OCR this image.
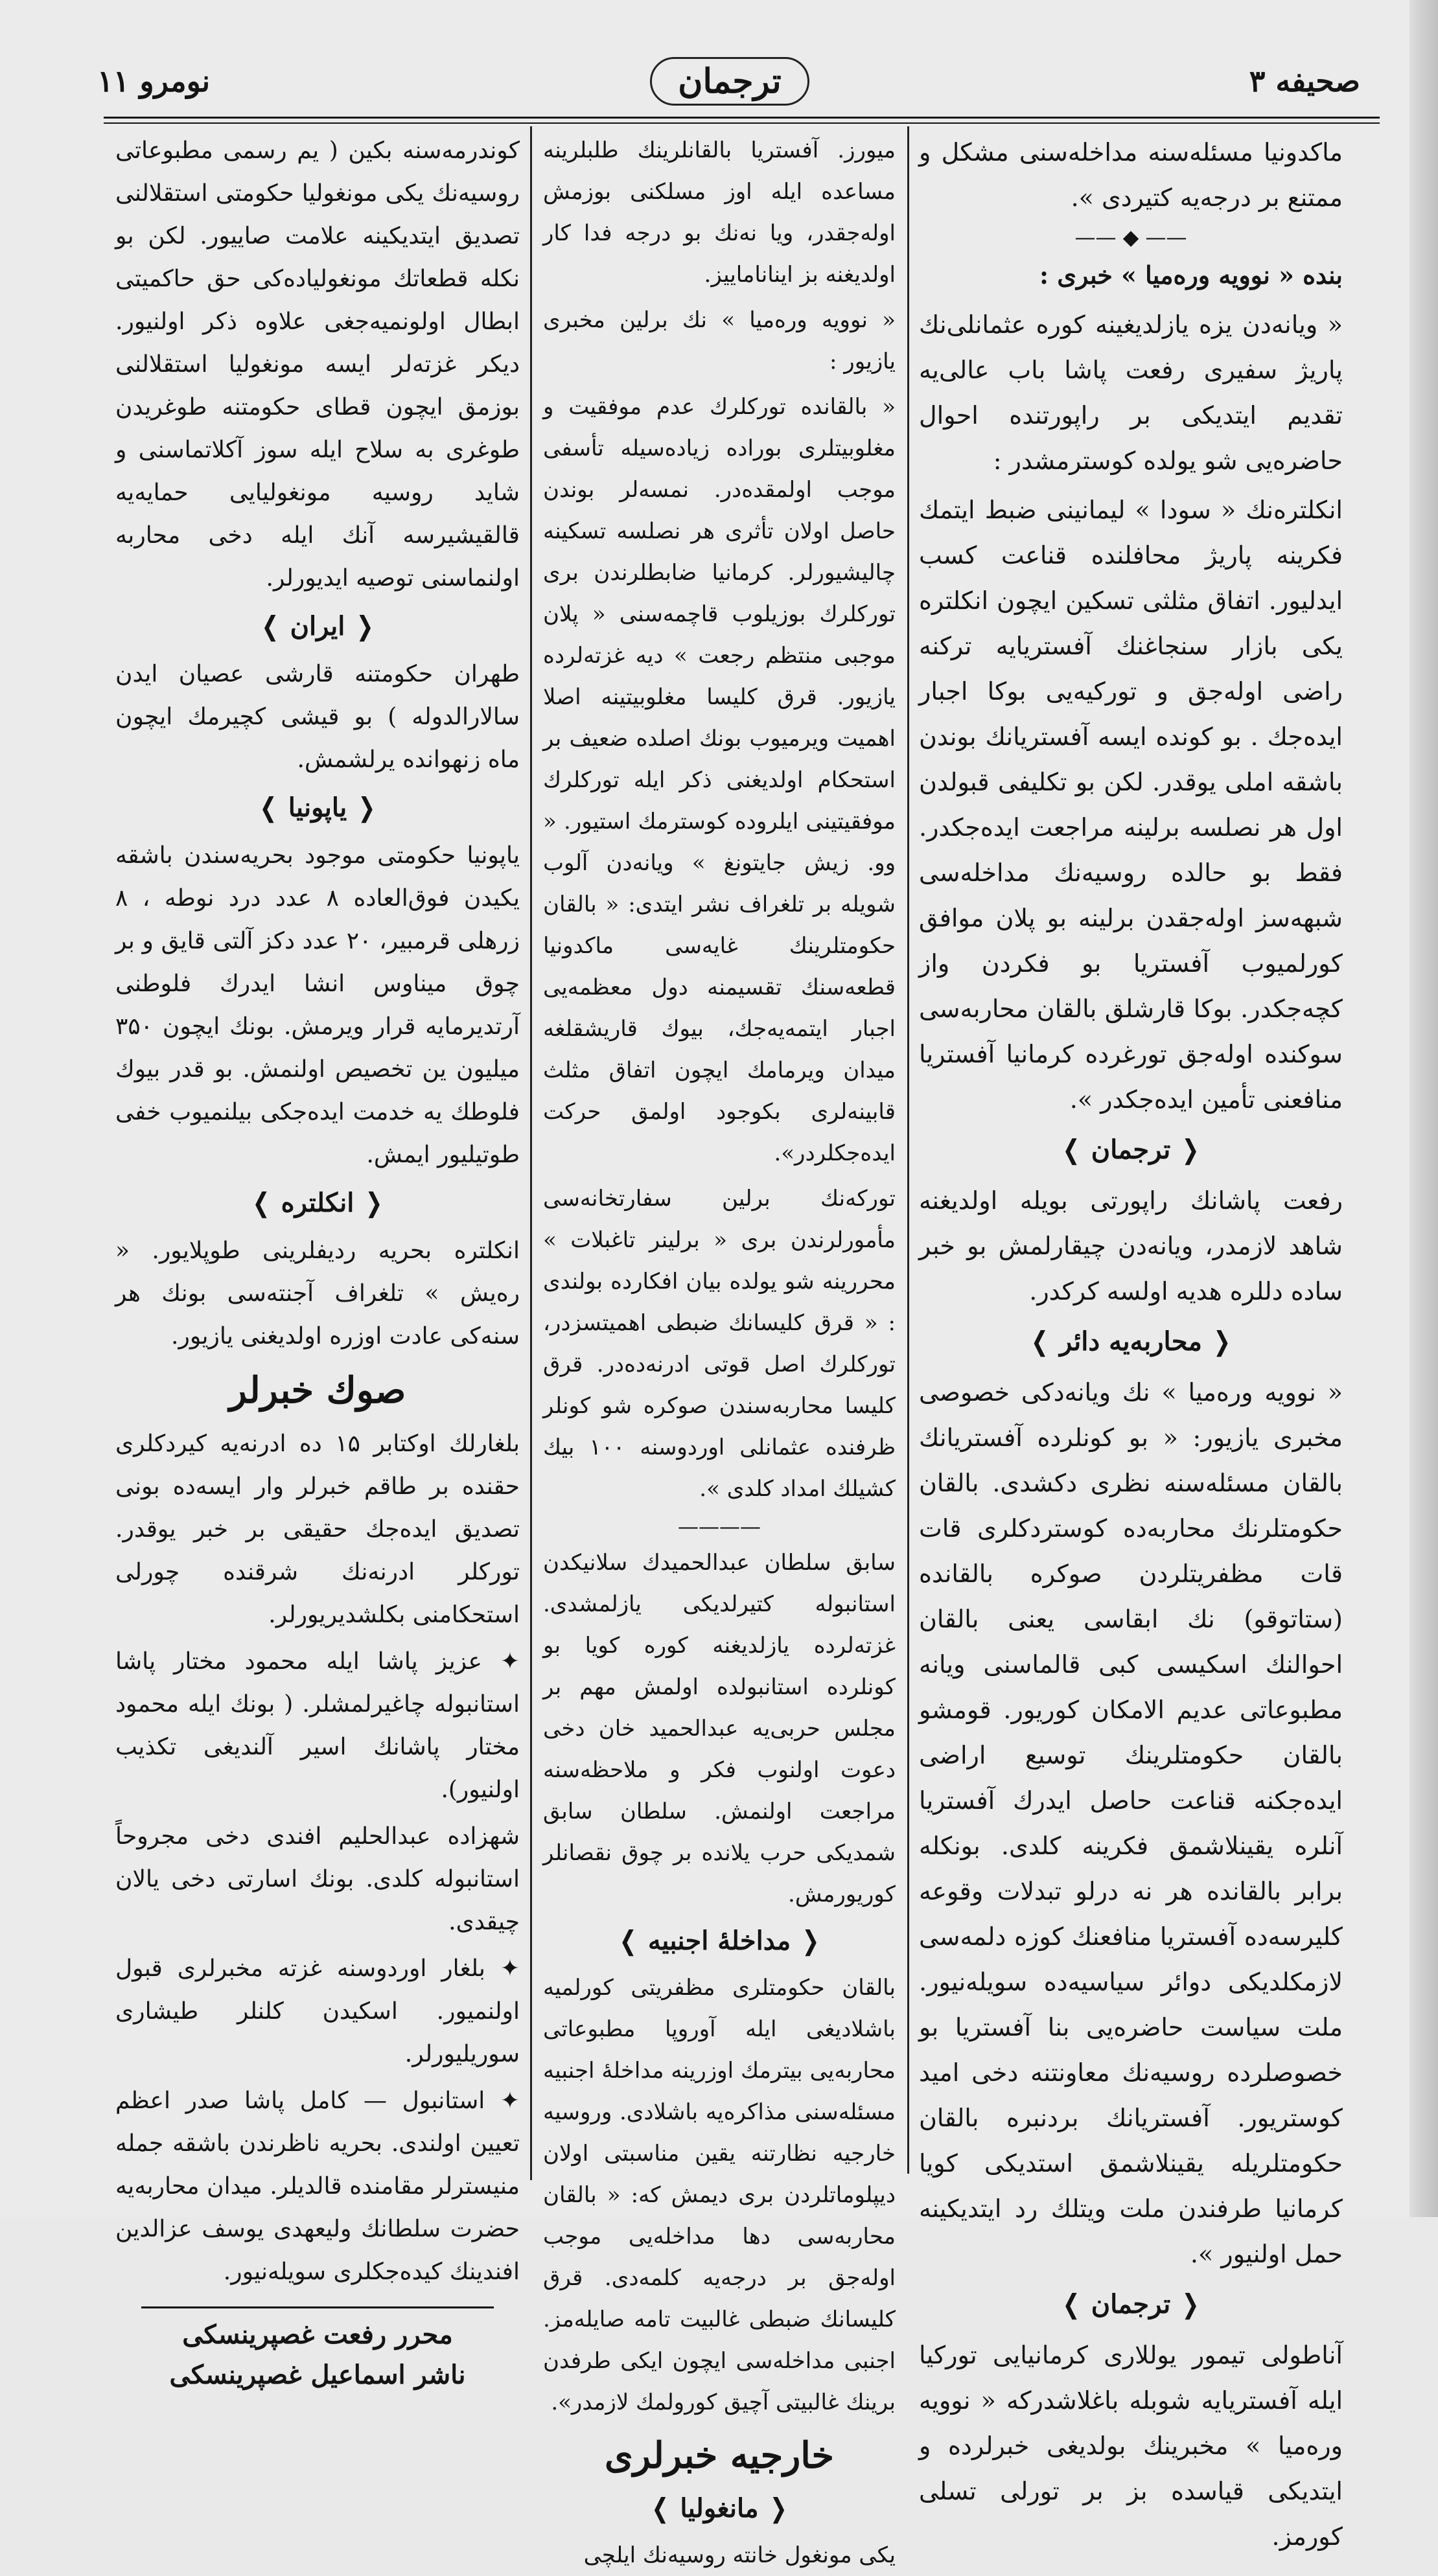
صحیفه ۳
ترجمان
نومرو ۱۱

ماکدونیا مسئله‌سنه مداخله‌سنی مشکل و ممتنع بر درجه‌یه کتیردی ».

—— ◆ ——

بنده « نوویه وره‌میا » خبری :

« ویانه‌دن یزه یازلدیغینه کوره عثمانلی‌نك پاریژ سفیری رفعت پاشا باب عالی‌یه تقدیم ایتدیکی بر راپورتنده احوال حاضره‌یی شو یولده کوسترمشدر :

انکلتره‌نك « سودا » لیمانینی ضبط ایتمك فکرینه پاریژ محافلنده قناعت کسب ایدلیور. اتفاق مثلثی تسکین ایچون انکلتره یکی بازار سنجاغنك آفستریایه ترکنه راضی اوله‌جق و تورکیه‌یی بوکا اجبار ایده‌جك . بو کونده ایسه آفستریانك بوندن باشقه املی یوقدر. لکن بو تکلیفی قبولدن اول هر نصلسه برلینه مراجعت ایده‌جکدر. فقط بو حالده روسیه‌نك مداخله‌سی شبهه‌سز اوله‌جقدن برلینه بو پلان موافق کورلمیوب آفستریا بو فکردن واز کچه‌جکدر. بوکا قارشلق بالقان محاربه‌سی سوکنده اوله‌جق تورغرده کرمانیا آفستریا منافعنی تأمین ایده‌جکدر ».

❬ ترجمان ❭

رفعت پاشانك راپورتی بویله اولدیغنه شاهد لازمدر، ویانه‌دن چیقارلمش بو خبر ساده دللره هدیه اولسه کرکدر.

❬ محاربه‌یه دائر ❭

« نوویه وره‌میا » نك ویانه‌دکی خصوصی مخبری یازیور: « بو کونلرده آفستریانك بالقان مسئله‌سنه نظری دکشدی. بالقان حکومتلرنك محاربه‌ده کوستردکلری قات قات مظفریتلردن صوکره بالقانده (ستاتوقو) نك ابقاسی یعنی بالقان احوالنك اسکیسی کبی قالماسنی ویانه مطبوعاتی عدیم الامکان کوریور. قومشو بالقان حکومتلرینك توسیع اراضی ایده‌جکنه قناعت حاصل ایدرك آفستریا آنلره یقینلاشمق فکرینه کلدی. بونکله برابر بالقانده هر نه درلو تبدلات وقوعه کلیرسه‌ده آفستریا منافعنك کوزه دلمه‌سی لازمکلدیکی دوائر سیاسیه‌ده سویله‌نیور. ملت سیاست حاضره‌یی بنا آفستریا بو خصوصلرده روسیه‌نك معاونتنه دخی امید کوستریور. آفستریانك بردنبره بالقان حکومتلریله یقینلاشمق استدیکی کویا کرمانیا طرفندن ملت ویتلك رد ایتدیکینه حمل اولنیور ».

❬ ترجمان ❭

آناطولی تیمور یوللاری کرمانیایی تورکیا ایله آفستریایه شوبله باغلاشدرکه « نوویه وره‌میا » مخبرینك بولدیغی خبرلرده و ایتدیکی قیاسده بز بر تورلی تسلی کورمز.

میورز. آفستریا بالقانلرینك طلبلرینه مساعده ایله اوز مسلکنی بوزمش اوله‌جقدر، ویا نه‌نك بو درجه فدا کار اولدیغنه بز ایناناماییز.

« نوویه وره‌میا » نك برلین مخبری یازیور :

« بالقانده تورکلرك عدم موفقیت و مغلوبیتلری بوراده زیاده‌سیله تأسفی موجب اولمقده‌در. نمسه‌لر بوندن حاصل اولان تأثری هر نصلسه تسکینه چالیشیورلر. کرمانیا ضابطلرندن بری تورکلرك بوزیلوب قاچمه‌سنی « پلان موجبی منتظم رجعت » دیه غزته‌لرده یازیور. قرق کلیسا مغلوبیتینه اصلا اهمیت ویرمیوب بونك اصلده ضعیف بر استحکام اولدیغنی ذکر ایله تورکلرك موفقیتینی ایلروده کوسترمك استیور. « وو. زیش جایتونغ » ویانه‌دن آلوب شویله بر تلغراف نشر ایتدی: « بالقان حکومتلرینك غایه‌سی ماکدونیا قطعه‌سنك تقسیمنه دول معظمه‌یی اجبار ایتمه‌یه‌جك، بیوك قاریشقلغه میدان ویرمامك ایچون اتفاق مثلث قابینه‌لری بکوجود اولمق حرکت ایده‌جکلردر».

تورکه‌نك برلین سفارتخانه‌سی مأمورلرندن بری « برلینر تاغبلات » محررینه شو یولده بیان افکارده بولندی : « قرق کلیسانك ضبطی اهمیتسزدر، تورکلرك اصل قوتی ادرنه‌ده‌در. قرق کلیسا محاربه‌سندن صوکره شو کونلر ظرفنده عثمانلی اوردوسنه ۱۰۰ بیك کشیلك امداد کلدی ».

————

سابق سلطان عبدالحمیدك سلانیکدن استانبوله کتیرلدیکی یازلمشدی. غزته‌لرده یازلدیغنه کوره کویا بو کونلرده استانبولده اولمش مهم بر مجلس حربی‌یه عبدالحمید خان دخی دعوت اولنوب فکر و ملاحظه‌سنه مراجعت اولنمش. سلطان سابق شمدیکی حرب یلانده بر چوق نقصانلر کوریورمش.

❬ مداخلهٔ اجنبیه ❭

بالقان حکومتلری مظفریتی کورلمیه باشلادیغی ایله آوروپا مطبوعاتی محاربه‌یی بیترمك اوزرینه مداخلهٔ اجنبیه مسئله‌سنی مذاکره‌یه باشلادی. وروسیه خارجیه نظارتنه یقین مناسبتی اولان دیپلوماتلردن بری دیمش که: « بالقان محاربه‌سی دها مداخله‌یی موجب اوله‌جق بر درجه‌یه کلمه‌دی. قرق کلیسانك ضبطی غالبیت تامه صایله‌مز. اجنبی مداخله‌سی ایچون ایکی طرفدن برینك غالبیتی آچیق کورولمك لازمدر».

خارجیه خبرلری
❬ مانغولیا ❭

یکی مونغول خانته روسیه‌نك ایلچی

کوندرمه‌سنه بکین ( یم رسمی مطبوعاتی روسیه‌نك یکی مونغولیا حکومتی استقلالنی تصدیق ایتدیکینه علامت صاییور. لکن بو نکله قطعاتك مونغولیاده‌کی حق حاکمیتی ابطال اولونمیه‌جغی علاوه ذکر اولنیور. دیکر غزته‌لر ایسه مونغولیا استقلالنی بوزمق ایچون قطای حکومتنه طوغریدن طوغری به سلاح ایله سوز آکلاتماسنی و شاید روسیه مونغولیایی حمایه‌یه قالقیشیرسه آنك ایله دخی محاربه اولنماسنی توصیه ایدیورلر.

❬ ایران ❭

طهران حکومتنه قارشی عصیان ایدن سالارالدوله‌ ) بو قیشی کچیرمك ایچون ماه زنهوانده یرلشمش.

❬ یاپونیا ❭

یاپونیا حکومتی موجود بحریه‌سندن باشقه یکیدن فوق‌العاده ۸ عدد درد نوطه ، ۸ زرهلی قرمبیر، ۲۰ عدد دکز آلتی قایق و بر چوق میناوس انشا ایدرك فلوطنی آرتدیرمایه قرار ویرمش. بونك ایچون ۳۵۰ میلیون ین تخصیص اولنمش. بو قدر بیوك فلوطك یه خدمت ایده‌جکی بیلنمیوب خفی طوتیلیور ایمش.

❬ انکلتره ❭

انکلتره بحریه ردیفلرینی طوپلایور. « ره‌یش » تلغراف آجنته‌سی بونك هر سنه‌کی عادت اوزره اولدیغنی یازیور.

صوك خبرلر

بلغارلك اوکتابر ۱۵ ده ادرنه‌یه کیردکلری حقنده بر طاقم خبرلر وار ایسه‌ده بونی تصدیق ایده‌جك حقیقی بر خبر یوقدر. تورکلر ادرنه‌نك شرقنده چورلی استحکامنی بکلشدیریورلر.

✦ عزیز پاشا ایله محمود مختار پاشا استانبوله چاغیرلمشلر. ( بونك ایله محمود مختار پاشانك اسیر آلندیغی تکذیب اولنیور).

شهزاده عبدالحلیم افندی دخی مجروحاً استانبوله کلدی. بونك اسارتی دخی یالان چیقدی.

✦ بلغار اوردوسنه غزته مخبرلری قبول اولنمیور. اسکیدن کلنلر طیشاری سوریلیورلر.

✦ استانبول — کامل پاشا صدر اعظم تعیین اولندی. بحریه ناظرندن باشقه جمله منیسترلر مقامنده قالدیلر. میدان محاربه‌یه حضرت سلطانك ولیعهدی یوسف عزالدین افندینك کیده‌جکلری سویله‌نیور.

محرر رفعت غصپرینسکی

ناشر اسماعیل غصپرینسکی
